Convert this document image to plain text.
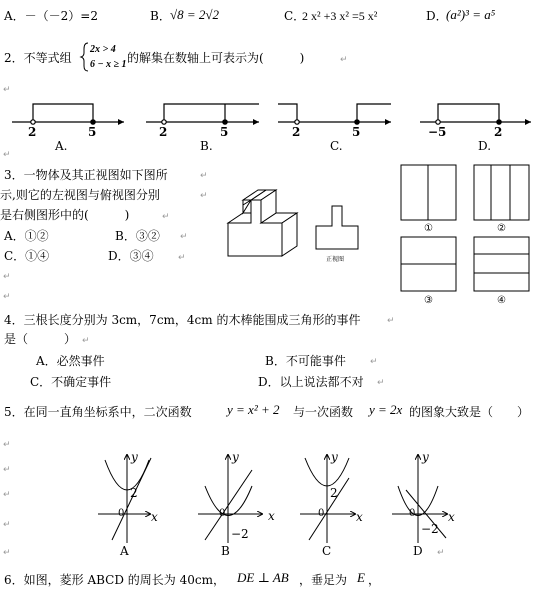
A．－（－2）=2	B． √8 = 2√2	C．
2 x² +3 x² =5 x²	D．
(a²)³ = a⁵
2．不等式组
2x > 4
6 − x ≥ 1 的解集在数轴上可表示为(　　　)	↵
↵
2	5
A.
2	5
B.
2	5
C.
−5	2
D.
↵
3．一物体及其正视图如下图所
示,则它的左视图与俯视图分别
是右侧图形中的(　　　)
A．①②	B．③②
C．①④	D．③④
↵
↵
↵
↵
↵
↵
↵
正视图
①	②
③	④
4．三根长度分别为 3cm，7cm，4cm 的木棒能围成三角形的事件
是（　　　）
A．必然事件	B．不可能事件
C．不确定事件	D．以上说法都不对
↵
↵
↵
↵
5．在同一直角坐标系中，二次函数	y = x² + 2 与一次函数 y = 2x 的图象大致是（　　）
↵
↵
↵
↵
↵	↵
y
x
0
2
A
y
x
0
−2
B
y
x
0
2
C
y
x
0
−2
D
6．如图，菱形 ABCD 的周长为 40cm， DE ⊥ AB ，垂足为 E ，
